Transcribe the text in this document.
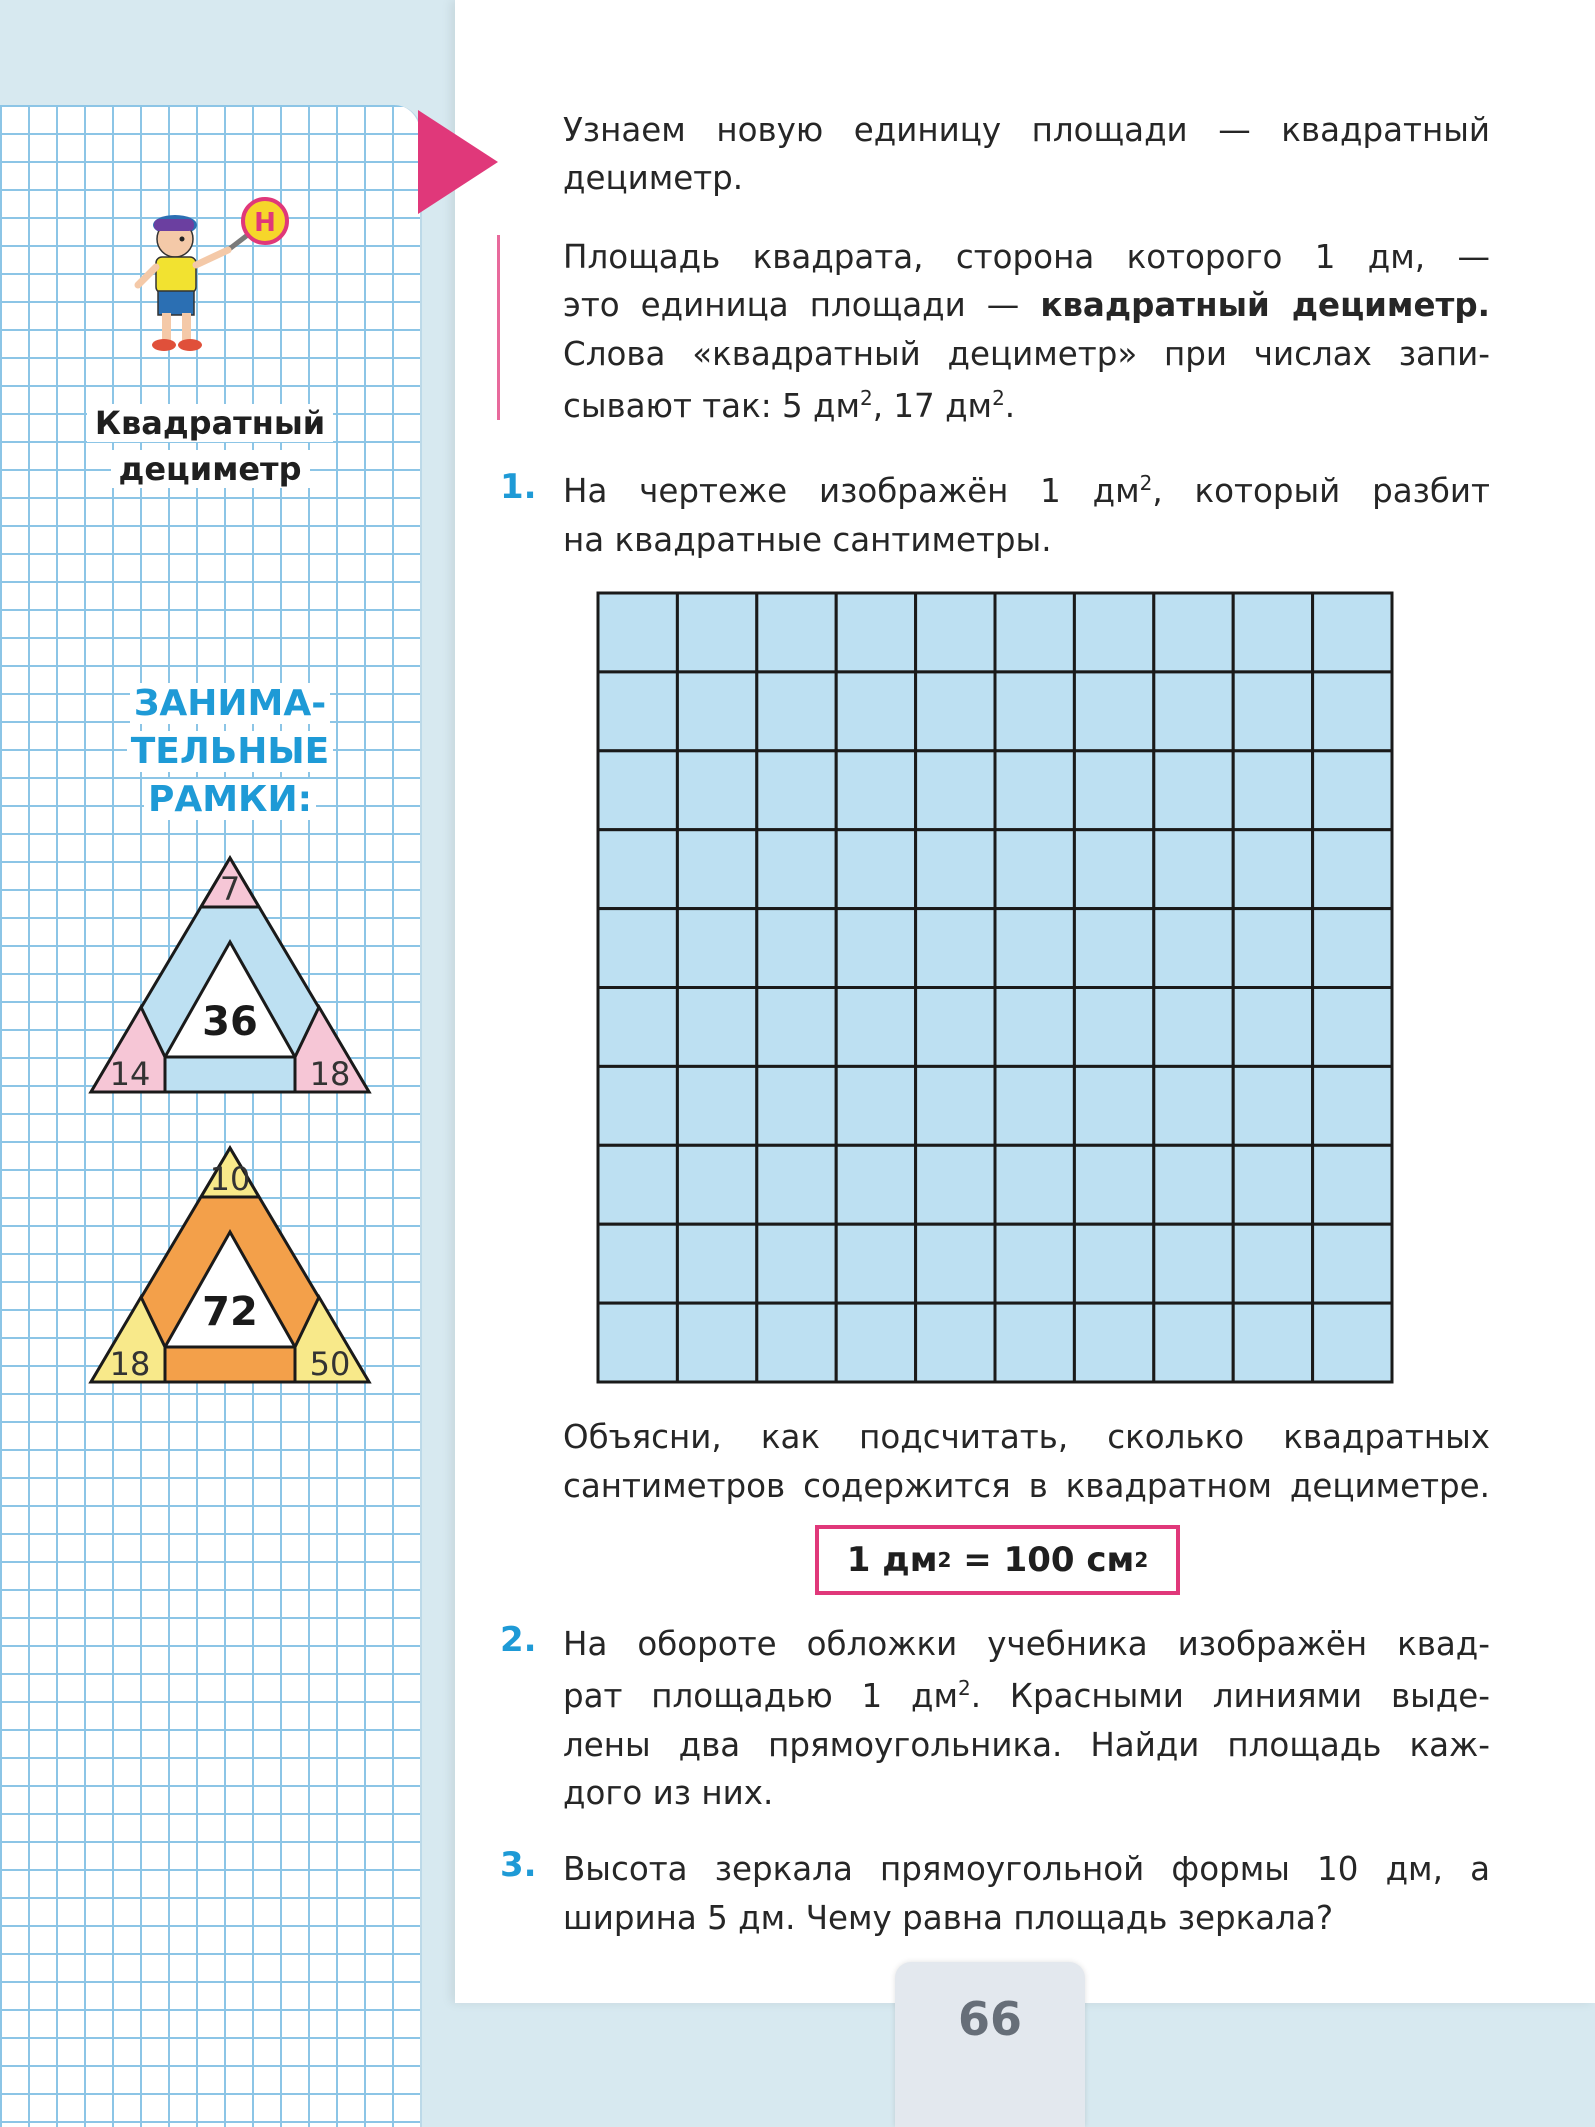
Н
Квадратный
дециметр
ЗАНИМА-
ТЕЛЬНЫЕ
РАМКИ:
7
14	18
36
10
18	50
72
Узнаем новую единицу площади — квадратный
дециметр.
Площадь квадрата, сторона которого 1 дм, —
это единица площади — квадратный дециметр.
Слова «квадратный дециметр» при числах запи-
сывают так: 5 $дм^2$, 17 $дм^2$.
1. На чертеже изображён 1 $дм^2$, который разбит
на квадратные сантиметры.
Объясни, как подсчитать, сколько квадратных
сантиметров содержится в квадратном дециметре.
1 дм 2 = 100 см 2
2. На обороте обложки учебника изображён квад-
рат площадью 1 $дм^2$. Красными линиями выде-
лены два прямоугольника. Найди площадь каж-
дого из них.
3. Высота зеркала прямоугольной формы 10 дм, а
ширина 5 дм. Чему равна площадь зеркала?
66
